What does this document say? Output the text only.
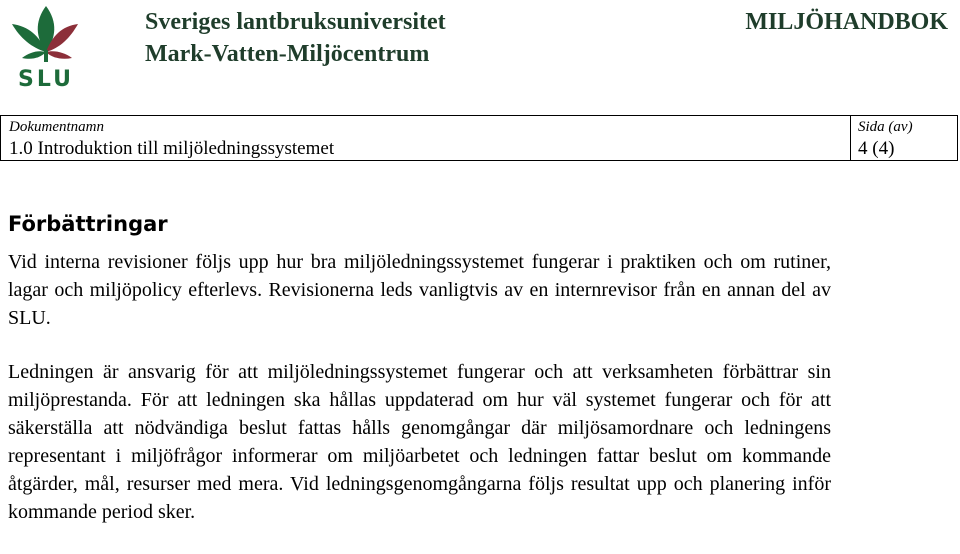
SLU
Sveriges lantbruksuniversitet
Mark-Vatten-Miljöcentrum
MILJÖHANDBOK
Dokumentnamn
1.0 Introduktion till miljöledningssystemet
Sida (av)
4 (4)
Förbättringar
Vid interna revisioner följs upp hur bra miljöledningssystemet fungerar i praktiken och om rutiner, lagar och miljöpolicy efterlevs. Revisionerna leds vanligtvis av en internrevisor från en annan del av SLU.
Ledningen är ansvarig för att miljöledningssystemet fungerar och att verksamheten förbättrar sin miljöprestanda. För att ledningen ska hållas uppdaterad om hur väl systemet fungerar och för att säkerställa att nödvändiga beslut fattas hålls genomgångar där miljösamordnare och ledningens representant i miljöfrågor informerar om miljöarbetet och ledningen fattar beslut om kommande åtgärder, mål, resurser med mera. Vid ledningsgenomgångarna följs resultat upp och planering inför kommande period sker.
